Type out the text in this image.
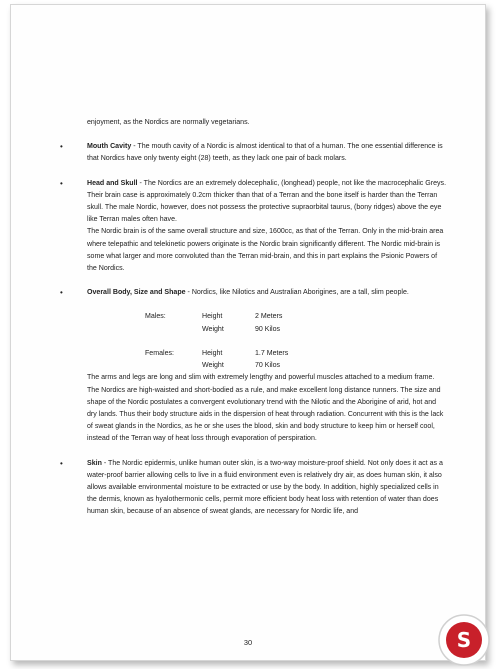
enjoyment, as the Nordics are normally vegetarians.

•	Mouth Cavity - The mouth cavity of a Nordic is almost identical to that of a human. The one essential difference is that Nordics have only twenty eight (28) teeth, as they lack one pair of back molars.

•	Head and Skull - The Nordics are an extremely dolecephalic, (longhead) people, not like the macrocephalic Greys. Their brain case is approximately 0.2cm thicker than that of a Terran and the bone itself is harder than the Terran skull. The male Nordic, however, does not possess the protective supraorbital taurus, (bony ridges) above the eye like Terran males often have.

The Nordic brain is of the same overall structure and size, 1600cc, as that of the Terran. Only in the mid-brain area where telepathic and telekinetic powers originate is the Nordic brain significantly different. The Nordic mid-brain is some what larger and more convoluted than the Terran mid-brain, and this in part explains the Psionic Powers of the Nordics.

•	Overall Body, Size and Shape - Nordics, like Nilotics and Australian Aborigines, are a tall, slim people.

Males:	Height	2 Meters
	Weight	90 Kilos

Females:	Height	1.7 Meters
	Weight	70 Kilos

The arms and legs are long and slim with extremely lengthy and powerful muscles attached to a medium frame. The Nordics are high-waisted and short-bodied as a rule, and make excellent long distance runners. The size and shape of the Nordic postulates a convergent evolutionary trend with the Nilotic and the Aborigine of arid, hot and dry lands. Thus their body structure aids in the dispersion of heat through radiation. Concurrent with this is the lack of sweat glands in the Nordics, as he or she uses the blood, skin and body structure to keep him or herself cool, instead of the Terran way of heat loss through evaporation of perspiration.

•	Skin - The Nordic epidermis, unlike human outer skin, is a two-way moisture-proof shield. Not only does it act as a water-proof barrier allowing cells to live in a fluid environment even is relatively dry air, as does human skin, it also allows available environmental moisture to be extracted or use by the body. In addition, highly specialized cells in the dermis, known as hyalothermonic cells, permit more efficient body heat loss with retention of water than does human skin, because of an absence of sweat glands, are necessary for Nordic life, and

30	S
